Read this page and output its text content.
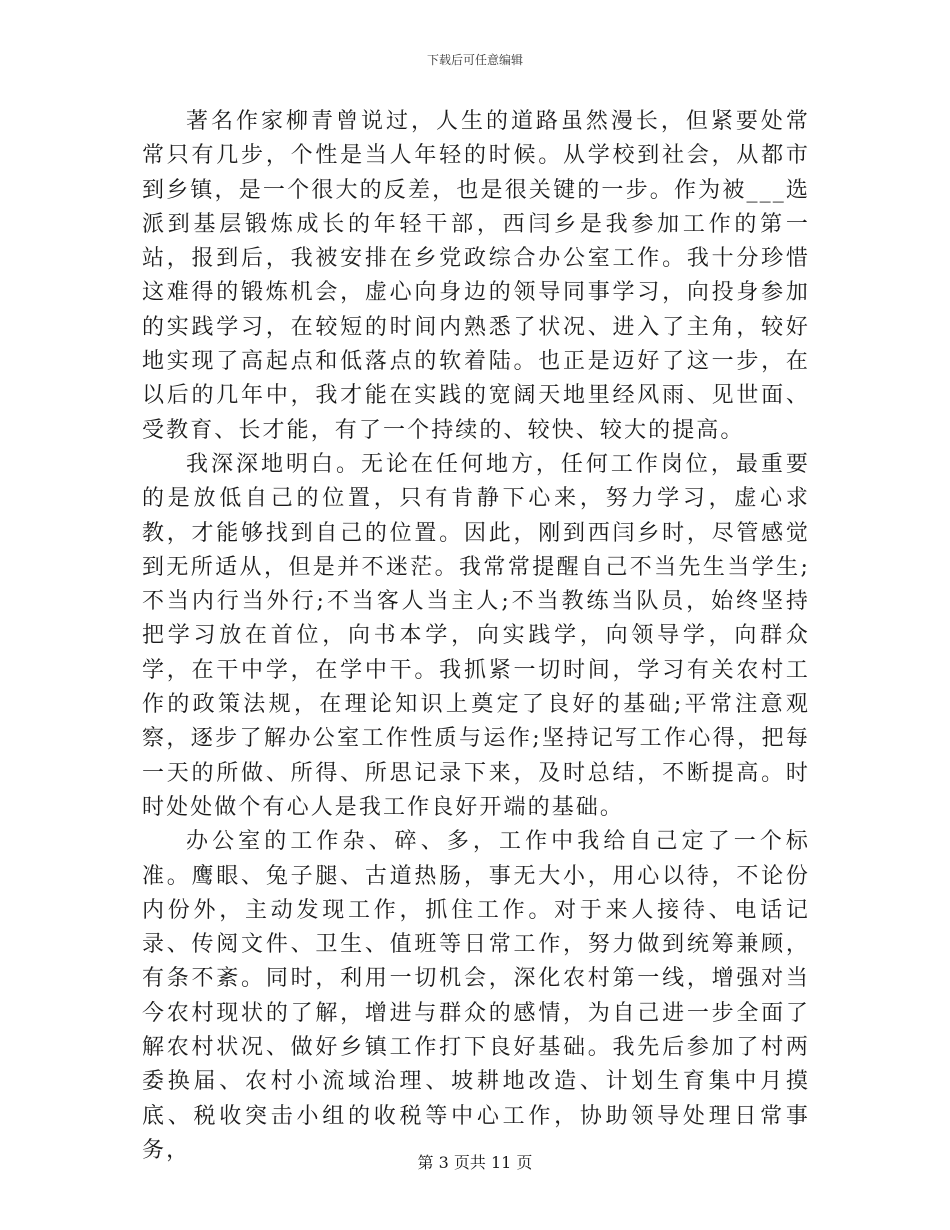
下载后可任意编辑

著名作家柳青曾说过，人生的道路虽然漫长，但紧要处常常只有几步，个性是当人年轻的时候。从学校到社会，从都市到乡镇，是一个很大的反差，也是很关键的一步。作为被___选派到基层锻炼成长的年轻干部，西闫乡是我参加工作的第一站，报到后，我被安排在乡党政综合办公室工作。我十分珍惜这难得的锻炼机会，虚心向身边的领导同事学习，向投身参加的实践学习，在较短的时间内熟悉了状况、进入了主角，较好地实现了高起点和低落点的软着陆。也正是迈好了这一步，在以后的几年中，我才能在实践的宽阔天地里经风雨、见世面、受教育、长才能，有了一个持续的、较快、较大的提高。

我深深地明白。无论在任何地方，任何工作岗位，最重要的是放低自己的位置，只有肯静下心来，努力学习，虚心求教，才能够找到自己的位置。因此，刚到西闫乡时，尽管感觉到无所适从，但是并不迷茫。我常常提醒自己不当先生当学生;不当内行当外行;不当客人当主人;不当教练当队员，始终坚持把学习放在首位，向书本学，向实践学，向领导学，向群众学，在干中学，在学中干。我抓紧一切时间，学习有关农村工作的政策法规，在理论知识上奠定了良好的基础;平常注意观察，逐步了解办公室工作性质与运作;坚持记写工作心得，把每一天的所做、所得、所思记录下来，及时总结，不断提高。时时处处做个有心人是我工作良好开端的基础。

办公室的工作杂、碎、多，工作中我给自己定了一个标准。鹰眼、兔子腿、古道热肠，事无大小，用心以待，不论份内份外，主动发现工作，抓住工作。对于来人接待、电话记录、传阅文件、卫生、值班等日常工作，努力做到统筹兼顾，有条不紊。同时，利用一切机会，深化农村第一线，增强对当今农村现状的了解，增进与群众的感情，为自己进一步全面了解农村状况、做好乡镇工作打下良好基础。我先后参加了村两委换届、农村小流域治理、坡耕地改造、计划生育集中月摸底、税收突击小组的收税等中心工作，协助领导处理日常事务，	第 3 页共 11 页
